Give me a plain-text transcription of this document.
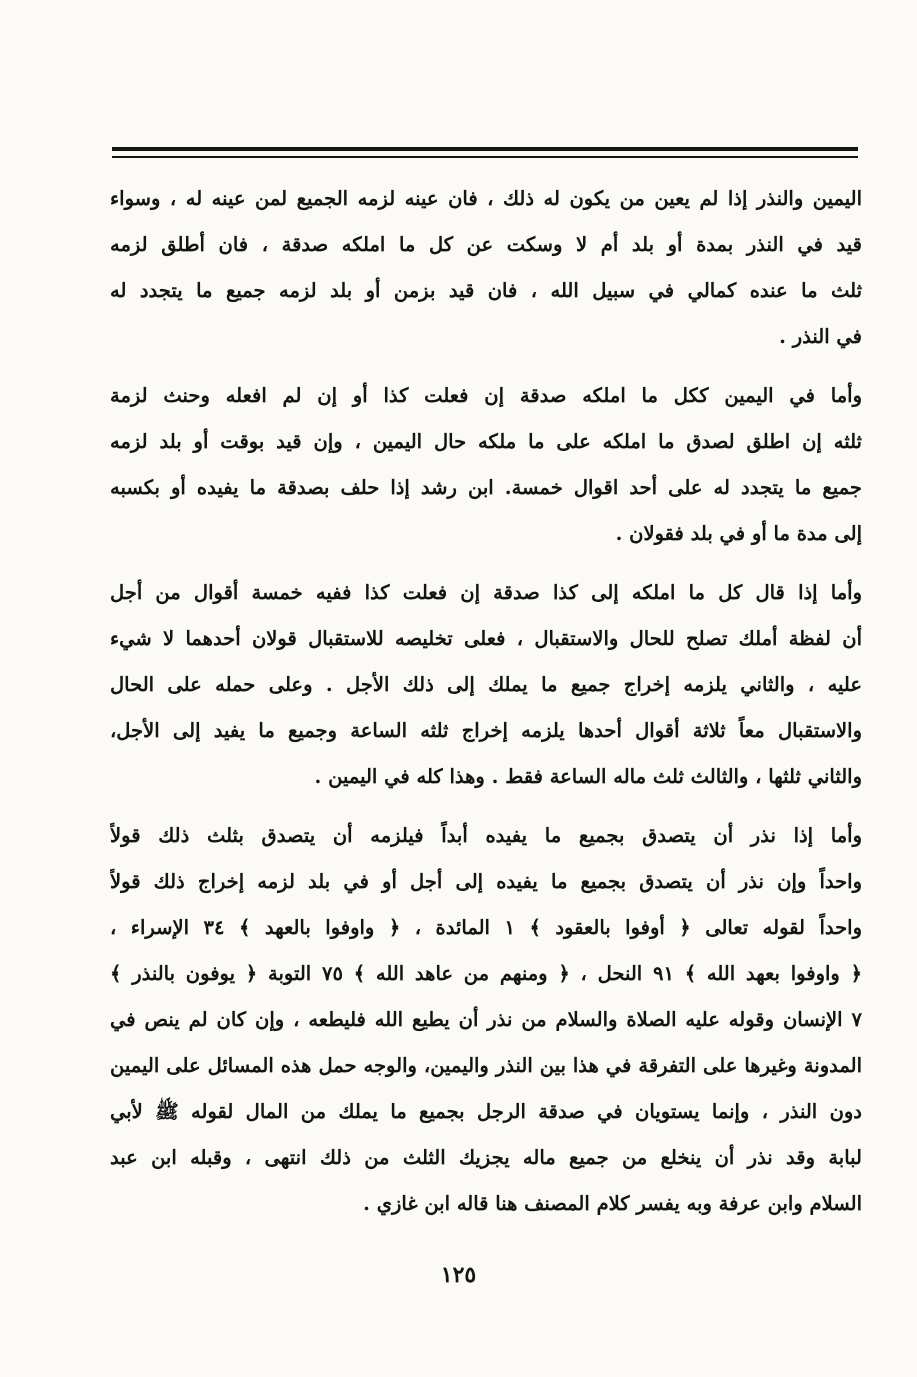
اليمين والنذر إذا لم يعين من يكون له ذلك ، فان عينه لزمه الجميع لمن عينه له ، وسواء
قيد في النذر بمدة أو بلد أم لا وسكت عن كل ما املكه صدقة ، فان أطلق لزمه
ثلث ما عنده كمالي في سبيل الله ، فان قيد بزمن أو بلد لزمه جميع ما يتجدد له
في النذر .
وأما في اليمين ككل ما املكه صدقة إن فعلت كذا أو إن لم افعله وحنث لزمة
ثلثه إن اطلق لصدق ما املكه على ما ملكه حال اليمين ، وإن قيد بوقت أو بلد لزمه
جميع ما يتجدد له على أحد اقوال خمسة. ابن رشد إذا حلف بصدقة ما يفيده أو بكسبه
إلى مدة ما أو في بلد فقولان .
وأما إذا قال كل ما املكه إلى كذا صدقة إن فعلت كذا ففيه خمسة أقوال من أجل
أن لفظة أملك تصلح للحال والاستقبال ، فعلى تخليصه للاستقبال قولان أحدهما لا شيء
عليه ، والثاني يلزمه إخراج جميع ما يملك إلى ذلك الأجل . وعلى حمله على الحال
والاستقبال معاً ثلاثة أقوال أحدها يلزمه إخراج ثلثه الساعة وجميع ما يفيد إلى الأجل،
والثاني ثلثها ، والثالث ثلث ماله الساعة فقط . وهذا كله في اليمين .
وأما إذا نذر أن يتصدق بجميع ما يفيده أبداً فيلزمه أن يتصدق بثلث ذلك قولاً
واحداً وإن نذر أن يتصدق بجميع ما يفيده إلى أجل أو في بلد لزمه إخراج ذلك قولاً
واحداً لقوله تعالى ﴿ أوفوا بالعقود ﴾ ١ المائدة ، ﴿ واوفوا بالعهد ﴾ ٣٤ الإسراء ،
﴿ واوفوا بعهد الله ﴾ ٩١ النحل ، ﴿ ومنهم من عاهد الله ﴾ ٧٥ التوبة ﴿ يوفون بالنذر ﴾
٧ الإنسان وقوله عليه الصلاة والسلام من نذر أن يطيع الله فليطعه ، وإن كان لم ينص في
المدونة وغيرها على التفرقة في هذا بين النذر واليمين، والوجه حمل هذه المسائل على اليمين
دون النذر ، وإنما يستويان في صدقة الرجل بجميع ما يملك من المال لقوله ﷺ لأبي
لبابة وقد نذر أن ينخلع من جميع ماله يجزيك الثلث من ذلك انتهى ، وقبله ابن عبد
السلام وابن عرفة وبه يفسر كلام المصنف هنا قاله ابن غازي .
١٢٥
